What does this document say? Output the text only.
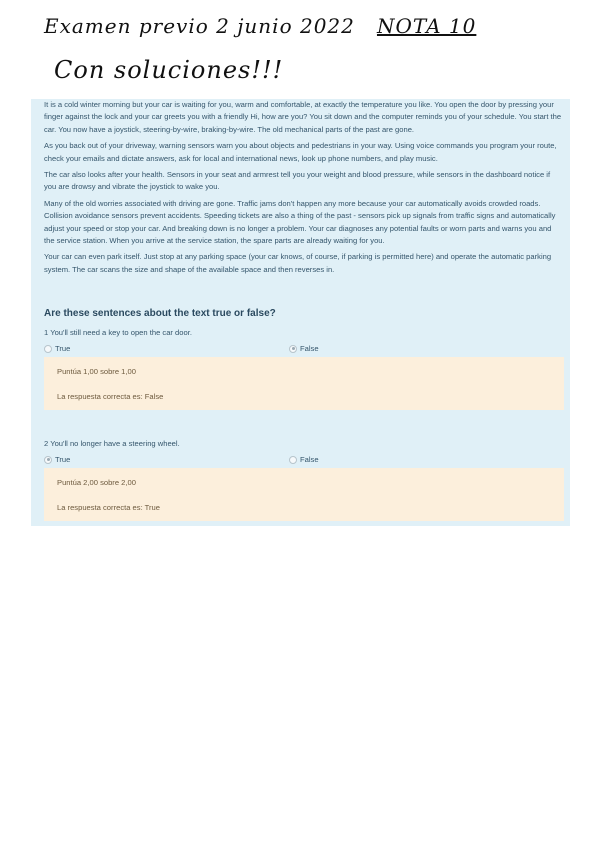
Examen previo 2 junio 2022 NOTA 10
Con soluciones!!!

It is a cold winter morning but your car is waiting for you, warm and comfortable, at exactly the temperature you like. You open the door by pressing your finger against the lock and your car greets you with a friendly Hi, how are you? You sit down and the computer reminds you of your schedule. You start the car. You now have a joystick, steering-by-wire, braking-by-wire. The old mechanical parts of the past are gone.

As you back out of your driveway, warning sensors warn you about objects and pedestrians in your way. Using voice commands you program your route, check your emails and dictate answers, ask for local and international news, look up phone numbers, and play music.

The car also looks after your health. Sensors in your seat and armrest tell you your weight and blood pressure, while sensors in the dashboard notice if you are drowsy and vibrate the joystick to wake you.

Many of the old worries associated with driving are gone. Traffic jams don't happen any more because your car automatically avoids crowded roads. Collision avoidance sensors prevent accidents. Speeding tickets are also a thing of the past - sensors pick up signals from traffic signs and automatically adjust your speed or stop your car. And breaking down is no longer a problem. Your car diagnoses any potential faults or worn parts and warns you and the service station. When you arrive at the service station, the spare parts are already waiting for you.

Your car can even park itself. Just stop at any parking space (your car knows, of course, if parking is permitted here) and operate the automatic parking system. The car scans the size and shape of the available space and then reverses in.

Are these sentences about the text true or false?
1 You'll still need a key to open the car door.
True	False
Puntúa 1,00 sobre 1,00
La respuesta correcta es: False
2 You'll no longer have a steering wheel.
True	False
Puntúa 2,00 sobre 2,00
La respuesta correcta es: True
